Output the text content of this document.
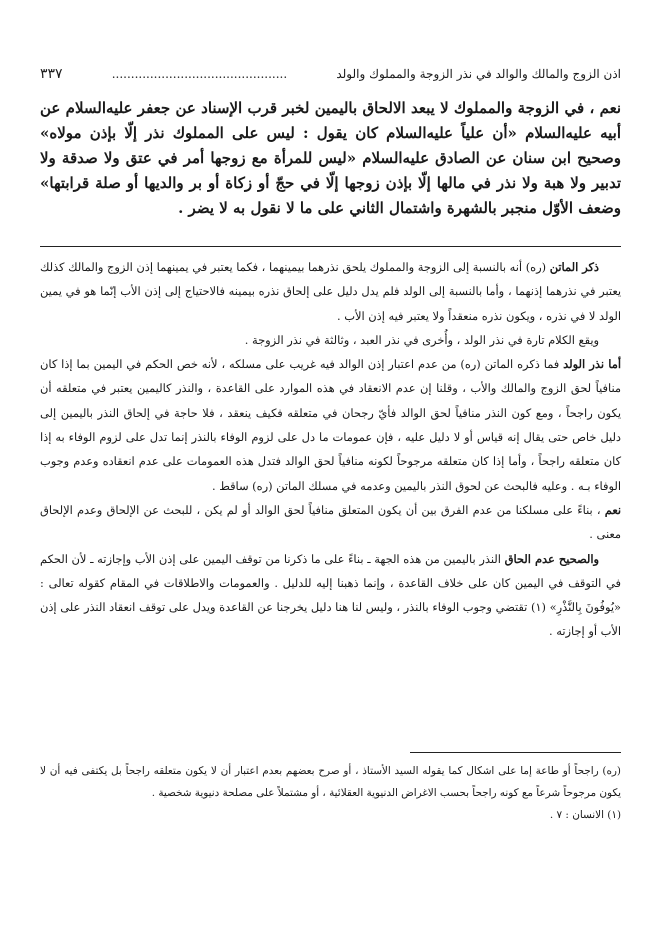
اذن الزوج والمالك والوالد في نذر الزوجة والمملوك والولد
..............................................
٣٣٧

نعم ، في الزوجة والمملوك لا يبعد الالحاق باليمين لخبر قرب الإسناد عن جعفر عليه‌السلام عن أبيه عليه‌السلام «أن علياً عليه‌السلام كان يقول : ليس على المملوك نذر إلّا بإذن مولاه» وصحيح ابن سنان عن الصادق عليه‌السلام «ليس للمرأة مع زوجها أمر في عتق ولا صدقة ولا تدبير ولا هبة ولا نذر في مالها إلّا بإذن زوجها إلّا في حجّ أو زكاة أو بر والديها أو صلة قرابتها» وضعف الأوّل منجبر بالشهرة واشتمال الثاني على ما لا نقول به لا يضر .

ذكر الماتن (ره) أنه بالنسبة إلى الزوجة والمملوك يلحق نذرهما بيمينهما ، فكما يعتبر في يمينهما إذن الزوج والمالك كذلك يعتبر في نذرهما إذنهما ، وأما بالنسبة إلى الولد فلم يدل دليل على إلحاق نذره بيمينه فالاحتياج إلى إذن الأب إنّما هو في يمين الولد لا في نذره ، ويكون نذره منعقداً ولا يعتبر فيه إذن الأب .

ويقع الكلام تارة في نذر الولد ، وأُخرى في نذر العبد ، وثالثة في نذر الزوجة .

أما نذر الولد فما ذكره الماتن (ره) من عدم اعتبار إذن الوالد فيه غريب على مسلكه ، لأنه خص الحكم في اليمين بما إذا كان منافياً لحق الزوج والمالك والأب ، وقلنا إن عدم الانعقاد في هذه الموارد على القاعدة ، والنذر كاليمين يعتبر في متعلقه أن يكون راجحاً ، ومع كون النذر منافياً لحق الوالد فأيّ رجحان في متعلقه فكيف ينعقد ، فلا حاجة في إلحاق النذر باليمين إلى دليل خاص حتى يقال إنه قياس أو لا دليل عليه ، فإن عمومات ما دل على لزوم الوفاء بالنذر إنما تدل على لزوم الوفاء به إذا كان متعلقه راجحاً ، وأما إذا كان متعلقه مرجوحاً لكونه منافياً لحق الوالد فتدل هذه العمومات على عدم انعقاده وعدم وجوب الوفاء بـه . وعليه فالبحث عن لحوق النذر باليمين وعدمه في مسلك الماتن (ره) ساقط .

نعم ، بناءً على مسلكنا من عدم الفرق بين أن يكون المتعلق منافياً لحق الوالد أو لم يكن ، للبحث عن الإلحاق وعدم الإلحاق معنى .

والصحيح عدم الحاق النذر باليمين من هذه الجهة ـ بناءً على ما ذكرنا من توقف اليمين على إذن الأب وإجازته ـ لأن الحكم في التوقف في اليمين كان على خلاف القاعدة ، وإنما ذهبنا إليه للدليل . والعمومات والاطلاقات في المقام كقوله تعالى : «يُوفُونَ بِالنَّذْرِ» (١) تقتضي وجوب الوفاء بالنذر ، وليس لنا هنا دليل يخرجنا عن القاعدة ويدل على توقف انعقاد النذر على إذن الأب أو إجازته .

(ره) راجحاً أو طاعة إما على اشكال كما يقوله السيد الأستاذ ، أو صرح بعضهم بعدم اعتبار أن لا يكون متعلقه راجحاً بل يكتفى فيه أن لا يكون مرجوحاً شرعاً مع كونه راجحاً بحسب الاغراض الدنيوية العقلائية ، أو مشتملاً على مصلحة دنيوية شخصية .

(١) الانسان : ٧ .
